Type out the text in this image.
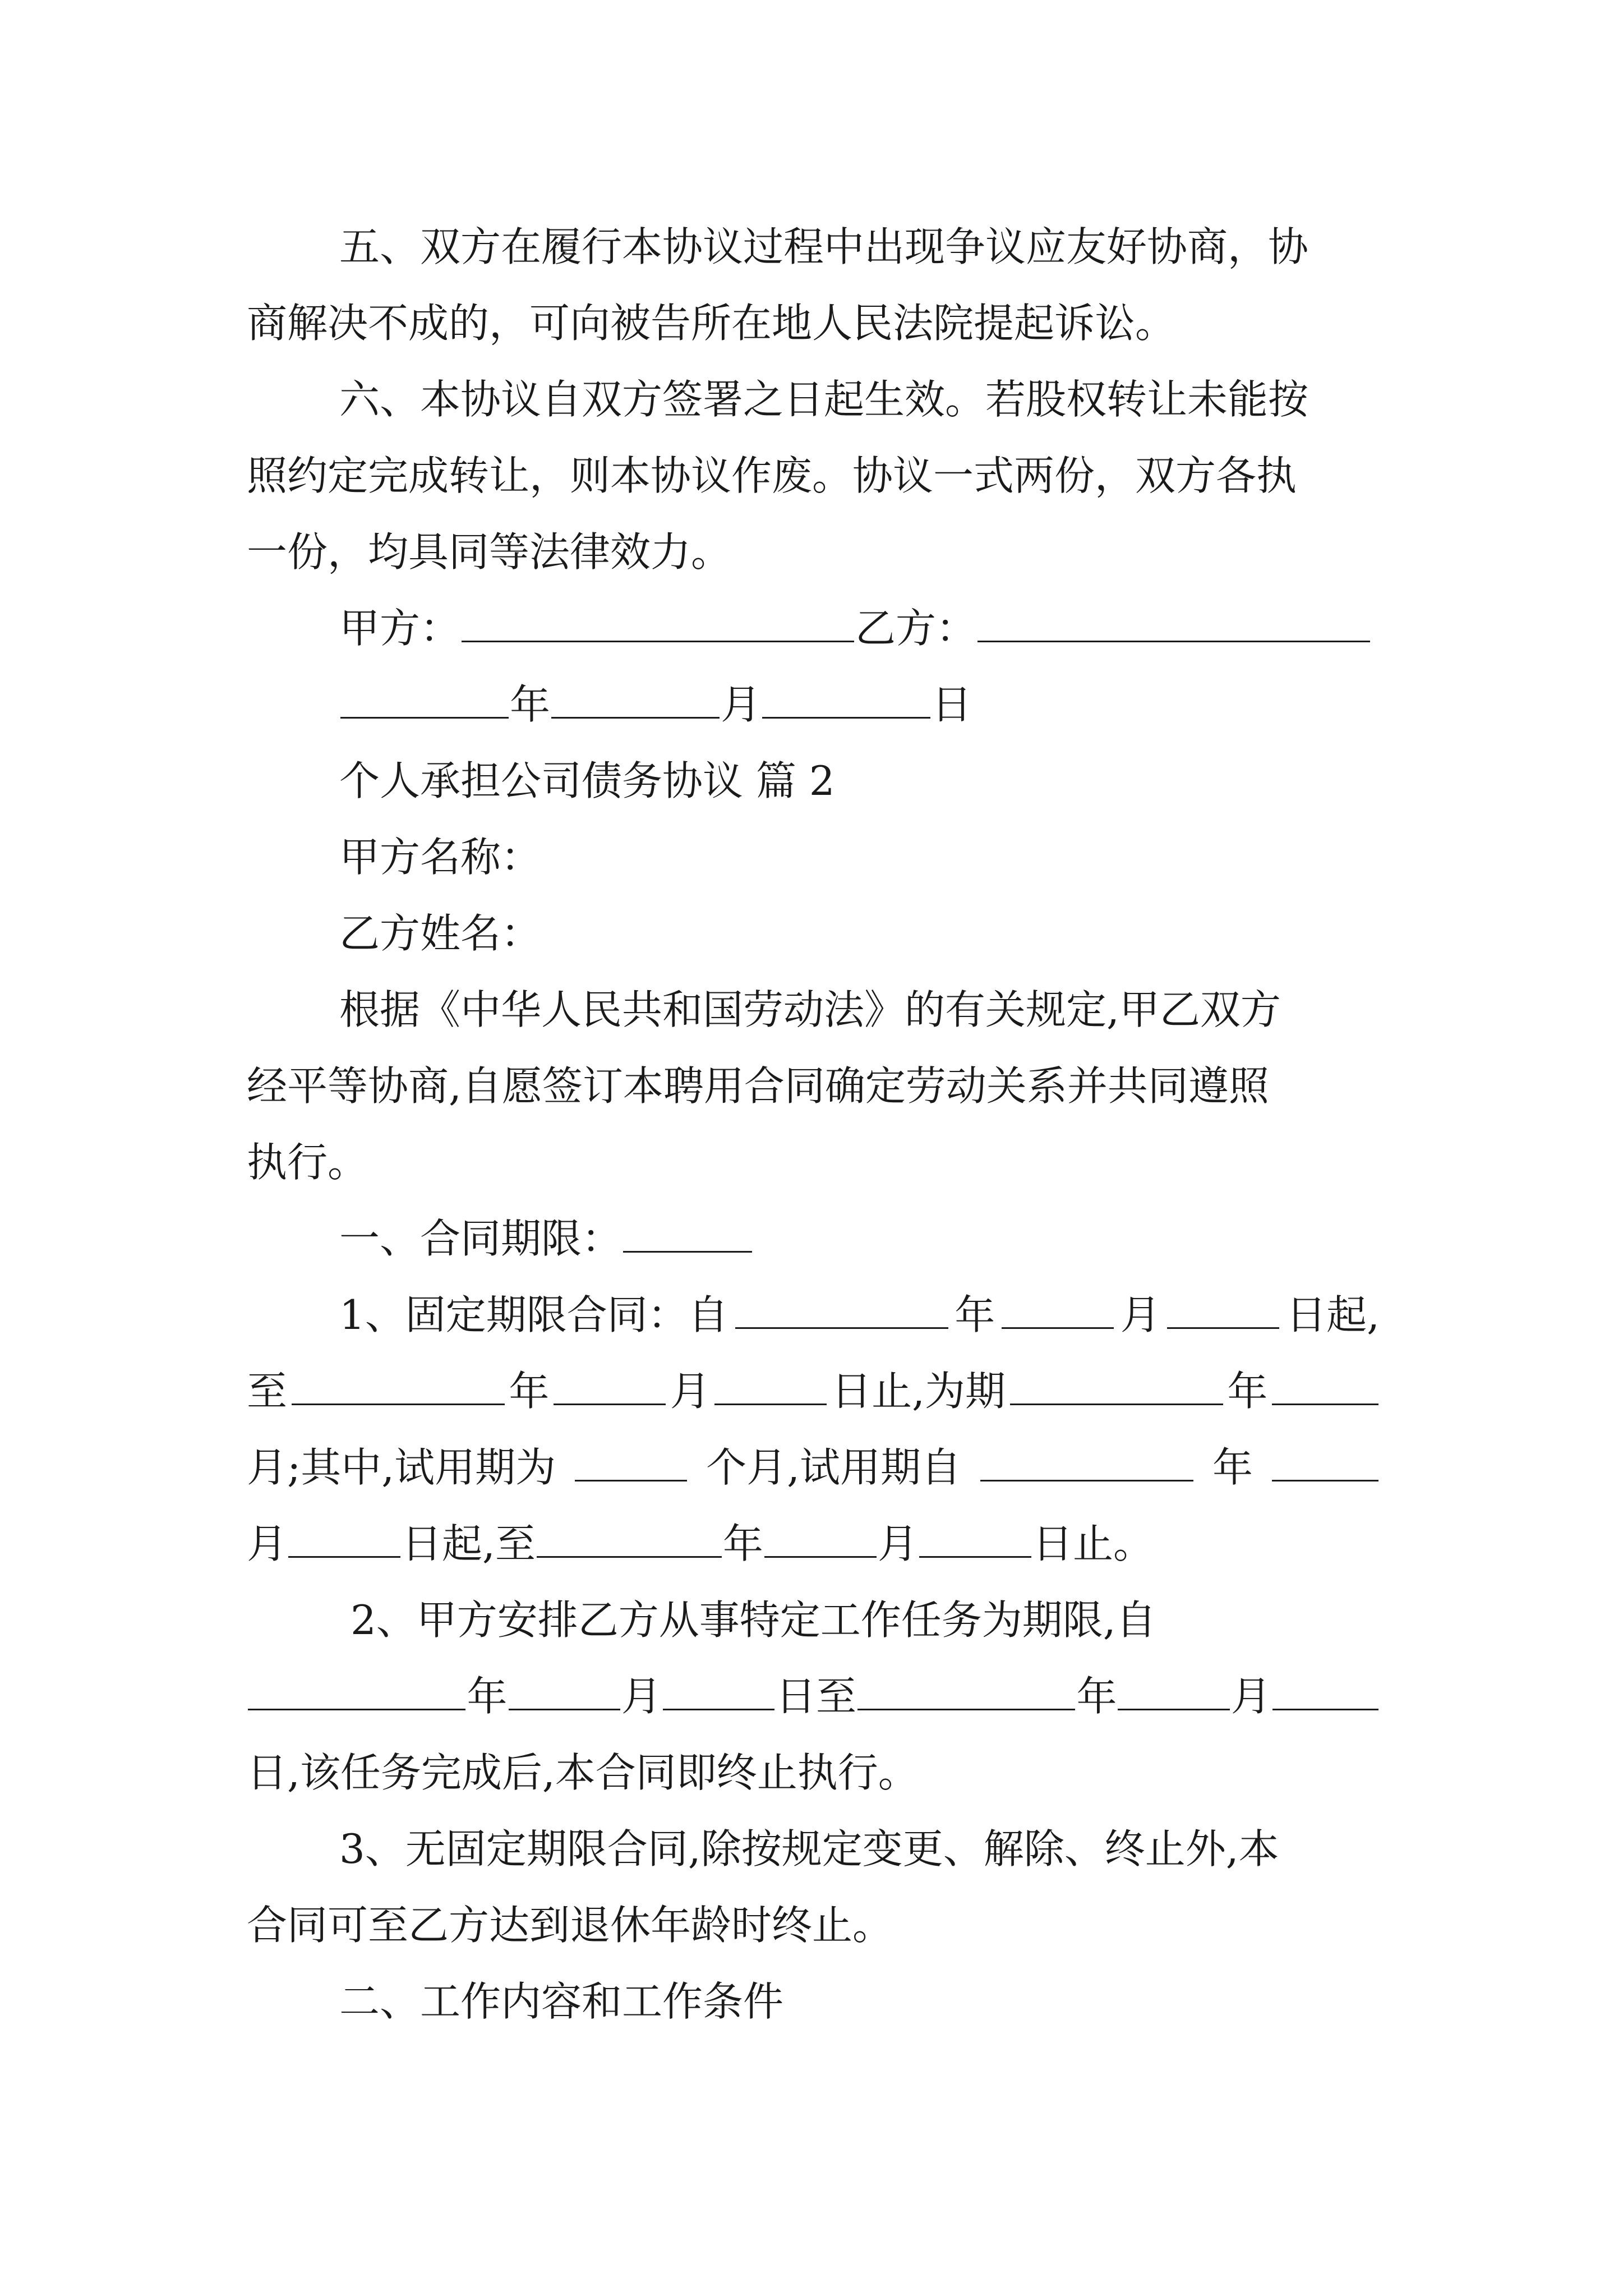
五、双方在履行本协议过程中出现争议应友好协商，协
商解决不成的，可向被告所在地人民法院提起诉讼。
六、本协议自双方签署之日起生效。若股权转让未能按
照约定完成转让，则本协议作废。协议一式两份，双方各执
一份，均具同等法律效力。
甲方：	乙方：
年	月	日
个人承担公司债务协议 篇 2
甲方名称：
乙方姓名：
根据《中华人民共和国劳动法》的有关规定,甲乙双方
经平等协商,自愿签订本聘用合同确定劳动关系并共同遵照
执行。
一、合同期限：
1、固定期限合同：自	年	月	日起,
至	年	月	日止,为期	年
月;其中,试用期为	个月,试用期自	年
月	日起,至	年	月	日止。
2、甲方安排乙方从事特定工作任务为期限,自
年	月	日至	年	月
日,该任务完成后,本合同即终止执行。
3、无固定期限合同,除按规定变更、解除、终止外,本
合同可至乙方达到退休年龄时终止。
二、工作内容和工作条件
